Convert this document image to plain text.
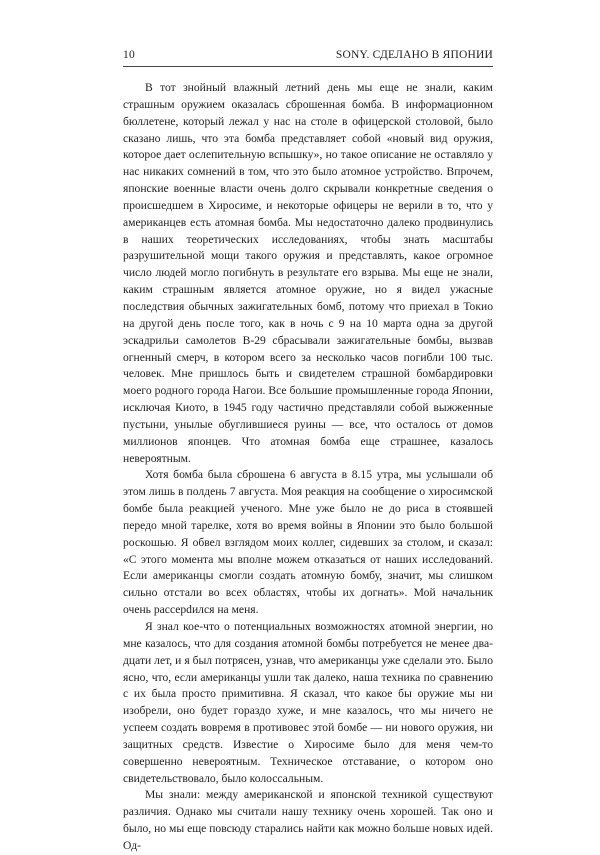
10	SONY. СДЕЛАНО В ЯПОНИИ

В тот знойный влажный летний день мы еще не знали, каким страшным оружием оказалась сброшенная бомба. В информационном бюллетене, который лежал у нас на столе в офицерской столовой, было сказано лишь, что эта бомба представляет собой «новый вид оружия, которое дает ослепительную вспышку», но такое описание не оставляло у нас никаких сомнений в том, что это было атомное устройство. Впрочем, японские военные власти очень долго скрывали конкретные сведения о происшедшем в Хиросиме, и некоторые офицеры не верили в то, что у американцев есть атомная бомба. Мы недостаточно далеко продвинулись в наших теоретических исследованиях, чтобы знать масштабы разрушительной мощи такого оружия и представлять, какое огромное число людей могло погибнуть в результате его взрыва. Мы еще не знали, каким страшным является атомное оружие, но я видел ужасные последствия обычных зажигательных бомб, потому что приехал в Токио на другой день после того, как в ночь с 9 на 10 марта одна за другой эскадрильи самолетов B-29 сбрасывали зажигательные бомбы, вызвав огненный смерч, в котором всего за несколько часов погибли 100 тыс. человек. Мне пришлось быть и свидетелем страшной бомбардировки моего родного города Нагои. Все большие промышленные города Японии, исключая Киото, в 1945 году частично представляли собой выжженные пустыни, унылые обуглившиеся руины — все, что осталось от домов миллионов японцев. Что атомная бомба еще страшнее, казалось невероятным.

Хотя бомба была сброшена 6 августа в 8.15 утра, мы услышали об этом лишь в полдень 7 августа. Моя реакция на сообщение о хиросимской бомбе была реакцией ученого. Мне уже было не до риса в стоявшей передо мной тарелке, хотя во время войны в Японии это было большой роскошью. Я обвел взглядом моих коллег, сидевших за столом, и сказал: «С этого момента мы вполне можем отказаться от наших исследований. Если американцы смогли создать атомную бомбу, значит, мы слишком сильно отстали во всех областях, чтобы их догнать». Мой начальник очень рассерdился на меня.

Я знал кое-что о потенциальных возможностях атомной энергии, но мне казалось, что для создания атомной бомбы потребуется не менее двадцати лет, и я был потрясен, узнав, что американцы уже сделали это. Было ясно, что, если американцы ушли так далеко, наша техника по сравнению с их была просто примитивна. Я сказал, что какое бы оружие мы ни изобрели, оно будет гораздо хуже, и мне казалось, что мы ничего не успеем создать вовремя в противовес этой бомбе — ни нового оружия, ни защитных средств. Известие о Хиросиме было для меня чем-то совершенно невероятным. Техническое отставание, о котором оно свидетельствовало, было колоссальным.

Мы знали: между американской и японской техникой существуют различия. Однако мы считали нашу технику очень хорошей. Так оно и было, но мы еще повсюду старались найти как можно больше новых идей. Од-
